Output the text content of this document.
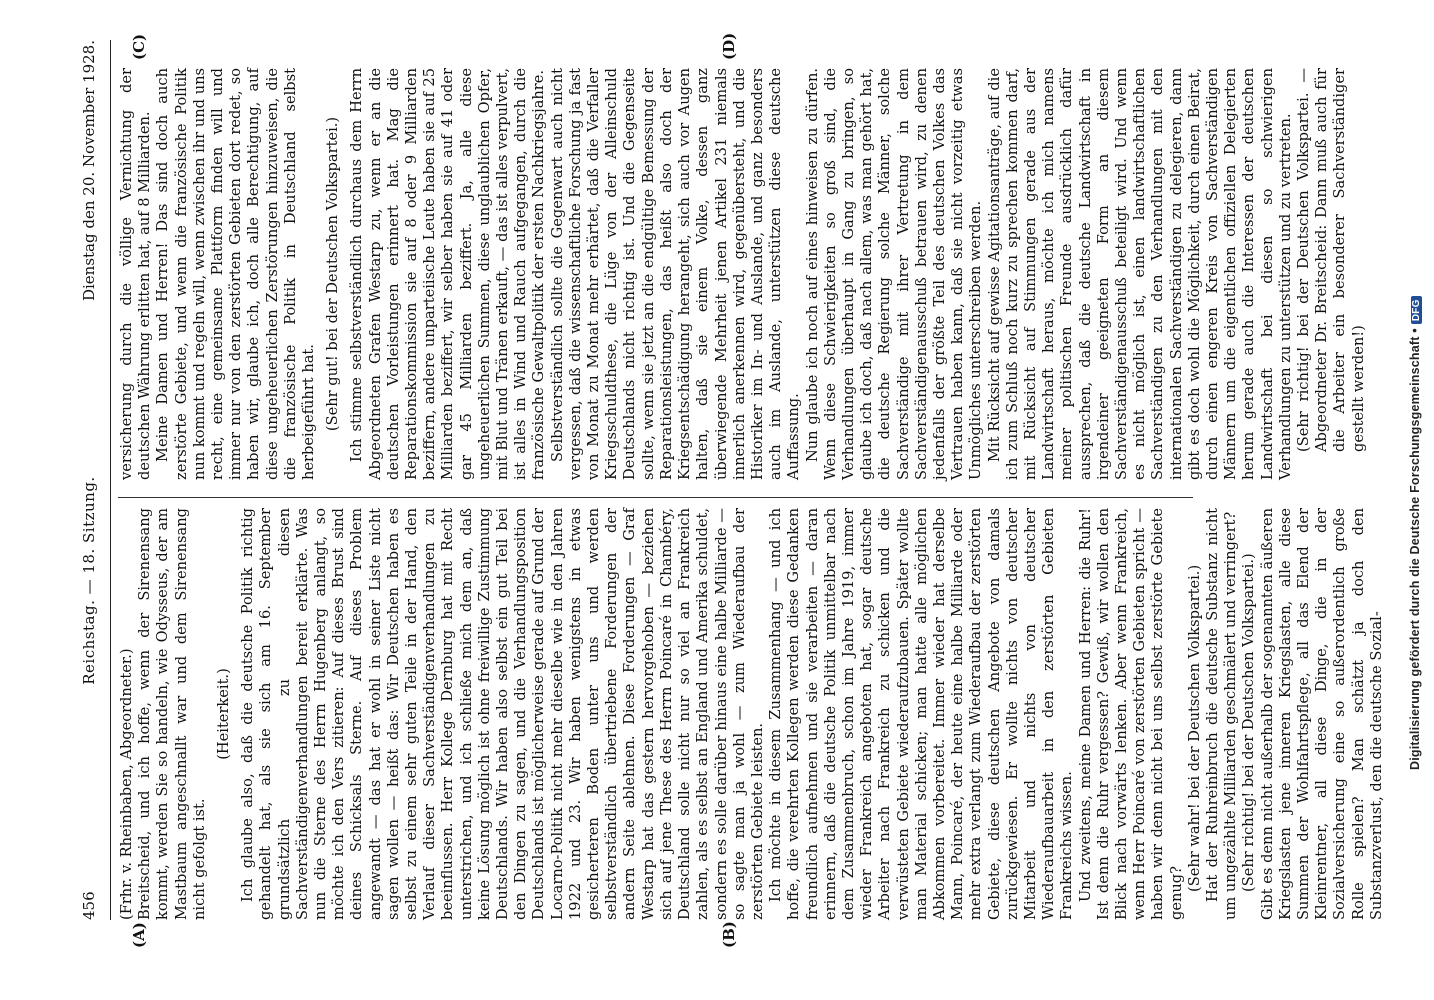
456
Reichstag. — 18. Sitzung.
Dienstag den 20. November 1928.
(A)	(B)
(C)	(D)

(Frhr. v. Rheinbaben, Abgeordneter.) Breitscheid, und ich hoffe, wenn der Sirenensang kommt, werden Sie so handeln, wie Odysseus, der am Mastbaum angeschnallt war und dem Sirenensang nicht gefolgt ist.

(Heiterkeit.) Ich glaube also, daß die deutsche Politik richtig gehandelt hat, als sie sich am 16. September grundsätzlich zu diesen Sachverständigenverhandlungen bereit erklärte. Was nun die Sterne des Herrn Hugenberg anlangt, so möchte ich den Vers zitieren: Auf dieses Brust sind deines Schicksals Sterne. Auf dieses Problem angewandt — das hat er wohl in seiner Liste nicht sagen wollen — heißt das: Wir Deutschen haben es selbst zu einem sehr guten Teile in der Hand, den Verlauf dieser Sachverständigenverhandlungen zu beeinflussen. Herr Kollege Dernburg hat mit Recht unterstrichen, und ich schließe mich dem an, daß keine Lösung möglich ist ohne freiwillige Zustimmung Deutschlands. Wir haben also selbst ein gut Teil bei den Dingen zu sagen, und die Verhandlungsposition Deutschlands ist möglicherweise gerade auf Grund der Locarno-Politik nicht mehr dieselbe wie in den Jahren 1922 und 23. Wir haben wenigstens in etwas gesicherteren Boden unter uns und werden selbstverständlich übertriebene Forderungen der andern Seite ablehnen. Diese Forderungen — Graf Westarp hat das gestern hervorgehoben — beziehen sich auf jene These des Herrn Poincaré in Chambéry, Deutschland solle nicht nur so viel an Frankreich zahlen, als es selbst an England und Amerika schuldet, sondern es solle darüber hinaus eine halbe Milliarde — so sagte man ja wohl — zum Wiederaufbau der zerstörten Gebiete leisten. Ich möchte in diesem Zusammenhang — und ich hoffe, die verehrten Kollegen werden diese Gedanken freundlich aufnehmen und sie verarbeiten — daran erinnern, daß die deutsche Politik unmittelbar nach dem Zusammenbruch, schon im Jahre 1919, immer wieder Frankreich angeboten hat, sogar deutsche Arbeiter nach Frankreich zu schicken und die verwüsteten Gebiete wiederaufzubauen. Später wollte man Material schicken; man hatte alle möglichen Abkommen vorbereitet. Immer wieder hat derselbe Mann, Poincaré, der heute eine halbe Milliarde oder mehr extra verlangt zum Wiederaufbau der zerstörten Gebiete, diese deutschen Angebote von damals zurückgewiesen. Er wollte nichts von deutscher Mitarbeit und nichts von deutscher Wiederaufbauarbeit in den zerstörten Gebieten Frankreichs wissen. Und zweitens, meine Damen und Herren: die Ruhr! Ist denn die Ruhr vergessen? Gewiß, wir wollen den Blick nach vorwärts lenken. Aber wenn Frankreich, wenn Herr Poincaré von zerstörten Gebieten spricht — haben wir denn nicht bei uns selbst zerstörte Gebiete genug?

(Sehr wahr! bei der Deutschen Volkspartei.) Hat der Ruhreinbruch die deutsche Substanz nicht um ungezählte Milliarden geschmälert und verringert? (Sehr richtig! bei der Deutschen Volkspartei.) Gibt es denn nicht außerhalb der sogenannten äußeren Kriegslasten jene inneren Kriegslasten, alle diese Summen der Wohlfahrtspflege, all das Elend der Kleinrentner, all diese Dinge, die in der Sozialversicherung eine so außerordentlich große Rolle spielen? Man schätzt ja doch den Substanzverlust, den die deutsche Sozial-

versicherung durch die völlige Vernichtung der deutschen Währung erlitten hat, auf 8 Milliarden. Meine Damen und Herren! Das sind doch auch zerstörte Gebiete, und wenn die französische Politik nun kommt und regeln will, wenn zwischen ihr und uns recht, eine gemeinsame Plattform finden will und immer nur von den zerstörten Gebieten dort redet, so haben wir, glaube ich, doch alle Berechtigung, auf diese ungeheuerlichen Zerstörungen hinzuweisen, die die französische Politik in Deutschland selbst herbeigeführt hat. (Sehr gut! bei der Deutschen Volkspartei.) Ich stimme selbstverständlich durchaus dem Herrn Abgeordneten Grafen Westarp zu, wenn er an die deutschen Vorleistungen erinnert hat. Mag die Reparationskommission sie auf 8 oder 9 Milliarden beziffern, andere unparteiische Leute haben sie auf 25 Milliarden beziffert, wir selber haben sie auf 41 oder gar 45 Milliarden beziffert. Ja, alle diese ungeheuerlichen Summen, diese unglaublichen Opfer, mit Blut und Tränen erkauft, — das ist alles verpulvert, ist alles in Wind und Rauch aufgegangen, durch die französische Gewaltpolitik der ersten Nachkriegsjahre. Selbstverständlich sollte die Gegenwart auch nicht vergessen, daß die wissenschaftliche Forschung ja fast von Monat zu Monat mehr erhärtet, daß die Verfaller Kriegsschuldthese, die Lüge von der Alleinschuld Deutschlands nicht richtig ist. Und die Gegenseite sollte, wenn sie jetzt an die endgültige Bemessung der Reparationsleistungen, das heißt also doch der Kriegsentschädigung herangeht, sich auch vor Augen halten, daß sie einem Volke, dessen ganz überwiegende Mehrheit jenen Artikel 231 niemals innerlich anerkennen wird, gegenübersteht, und die Historiker im In- und Auslande, und ganz besonders auch im Auslande, unterstützen diese deutsche Auffassung. Nun glaube ich noch auf eines hinweisen zu dürfen. Wenn diese Schwierigkeiten so groß sind, die Verhandlungen überhaupt in Gang zu bringen, so glaube ich doch, daß nach allem, was man gehört hat, die deutsche Regierung solche Männer, solche Sachverständige mit ihrer Vertretung in dem Sachverständigenausschuß betrauen wird, zu denen jedenfalls der größte Teil des deutschen Volkes das Vertrauen haben kann, daß sie nicht vorzeitig etwas Unmögliches unterschreiben werden. Mit Rücksicht auf gewisse Agitationsanträge, auf die ich zum Schluß noch kurz zu sprechen kommen darf, mit Rücksicht auf Stimmungen gerade aus der Landwirtschaft heraus, möchte ich mich namens meiner politischen Freunde ausdrücklich dafür aussprechen, daß die deutsche Landwirtschaft in irgendeiner geeigneten Form an diesem Sachverständigenausschuß beteiligt wird. Und wenn es nicht möglich ist, einen landwirtschaftlichen Sachverständigen zu den Verhandlungen mit den internationalen Sachverständigen zu delegieren, dann gibt es doch wohl die Möglichkeit, durch einen Beirat, durch einen engeren Kreis von Sachverständigen Männern um die eigentlichen offiziellen Delegierten herum gerade auch die Interessen der deutschen Landwirtschaft bei diesen so schwierigen Verhandlungen zu unterstützen und zu vertreten. (Sehr richtig! bei der Deutschen Volkspartei. — Abgeordneter Dr. Breitscheid: Dann muß auch für die Arbeiter ein besonderer Sachverständiger gestellt werden!)	Digitalisierung gefördert durch die Deutsche Forschungsgemeinschaft •DFG
